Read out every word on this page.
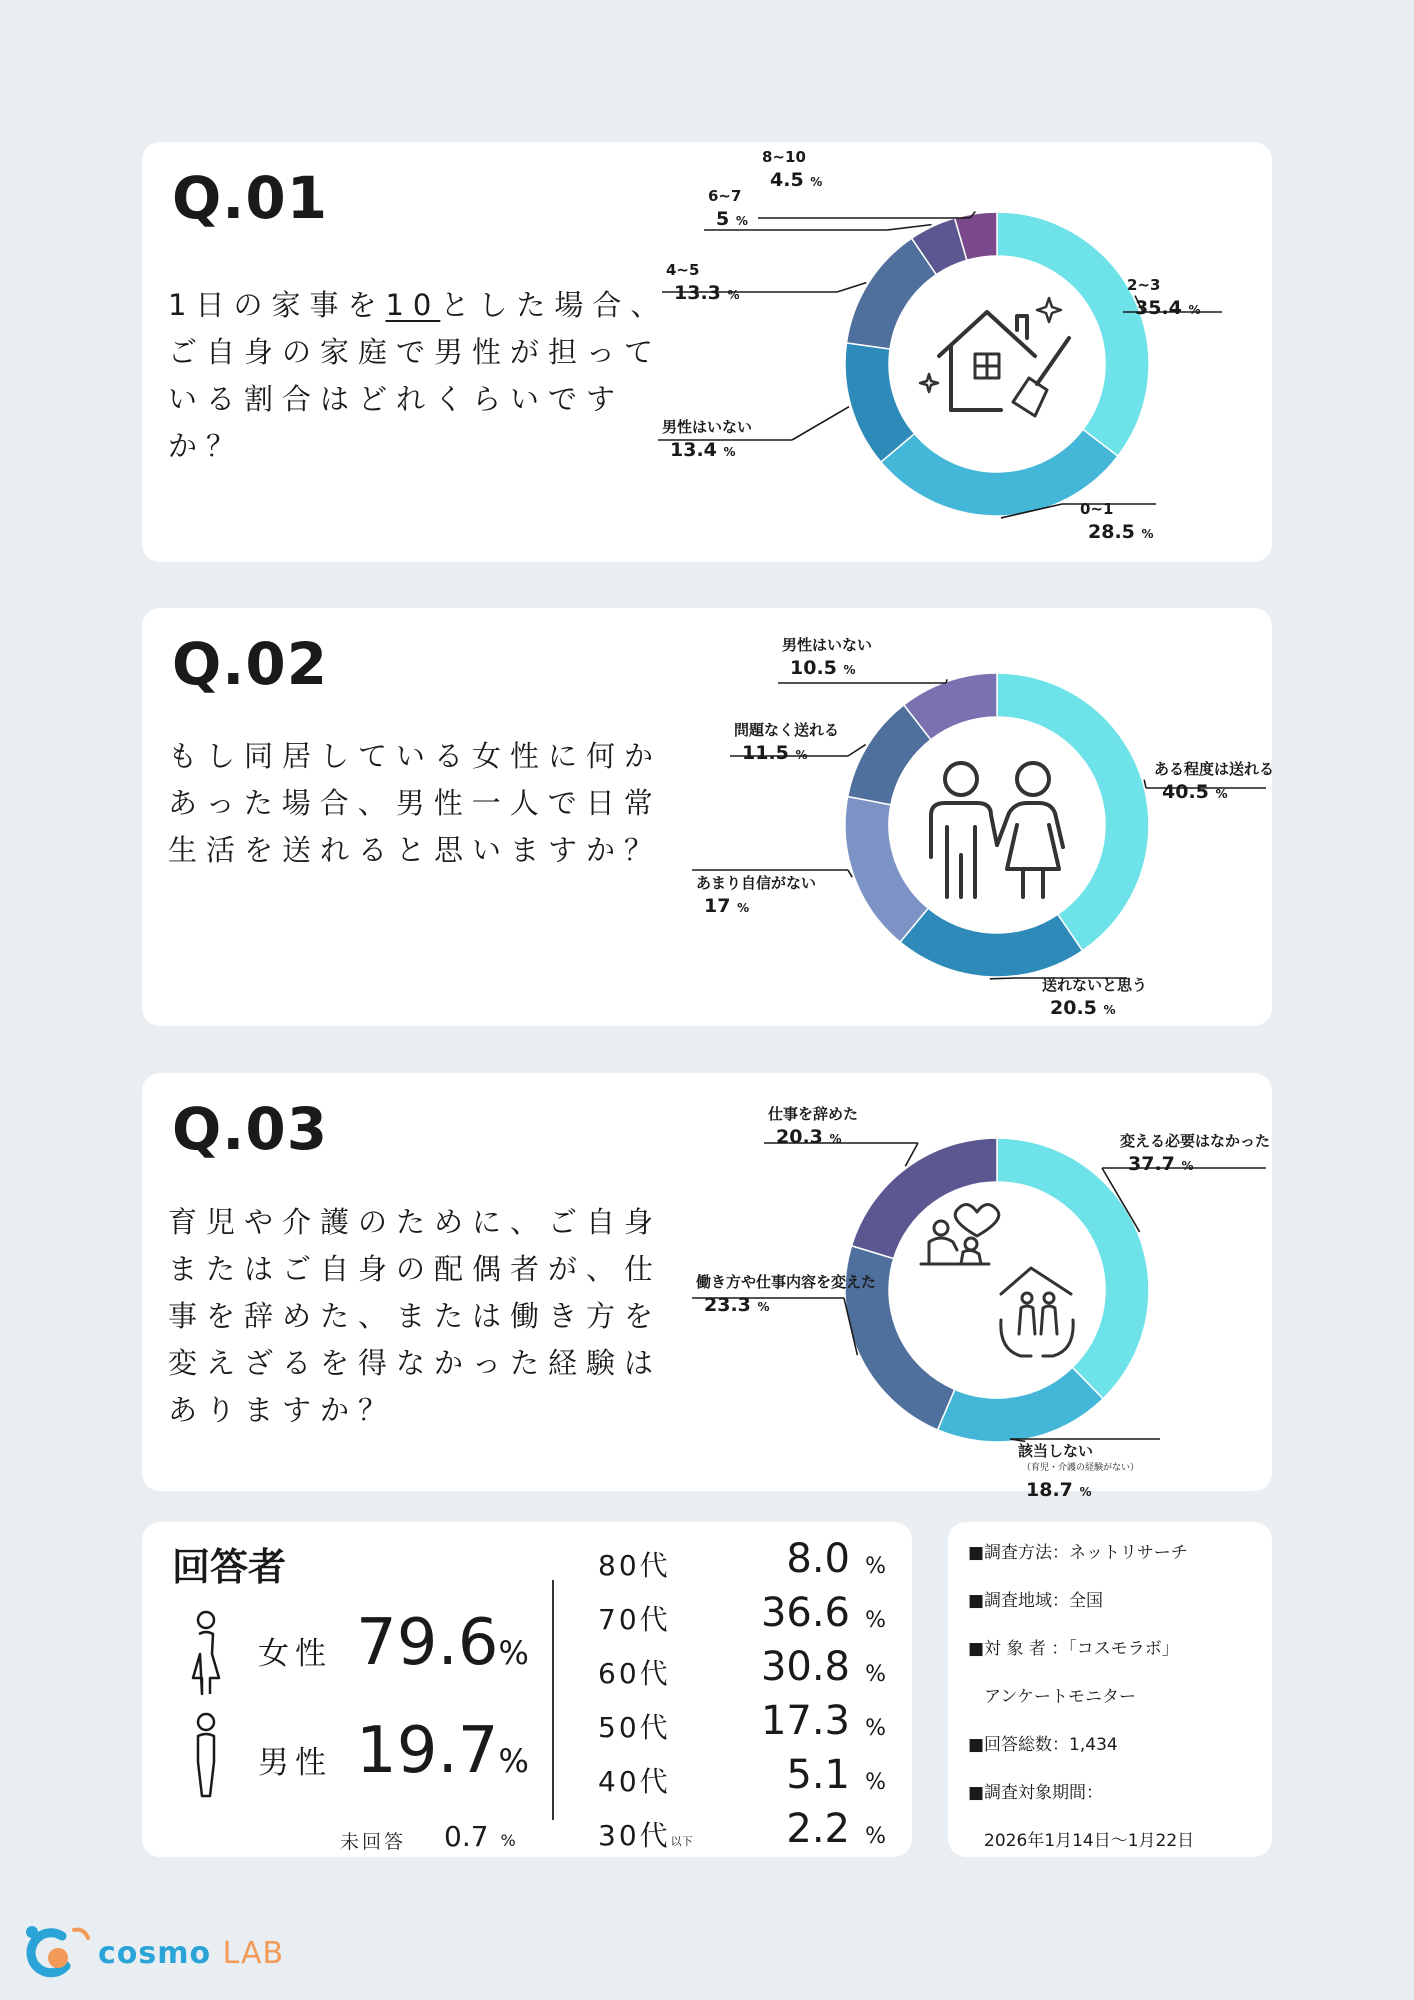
Q.01
1日の家事を10とした場合、ご自身の家庭で男性が担っている割合はどれくらいですか？
2~3
35.4 %
0~1
28.5 %
男性はいない
13.4 %
4~5
13.3 %
6~7
5 %
8~10
4.5 %
Q.02
もし同居している女性に何かあった場合、男性一人で日常生活を送れると思いますか？
ある程度は送れる
40.5 %
送れないと思う
20.5 %
あまり自信がない
17 %
問題なく送れる
11.5 %
男性はいない
10.5 %
Q.03
育児や介護のために、ご自身またはご自身の配偶者が、仕事を辞めた、または働き方を変えざるを得なかった経験はありますか？
変える必要はなかった
37.7 %
該当しない
（育児・介護の経験がない）
18.7 %
働き方や仕事内容を変えた
23.3 %
仕事を辞めた
20.3 %
回答者
女性 79.6%
男性 19.7%
未回答 0.7 %
80代	8.0 %
70代 36.6 %
60代 30.8 %
50代 17.3 %
40代	5.1 %
30代以下 2.2 %
■調査方法：ネットリサーチ
■調査地域：全国
■対 象 者 ：「コスモラボ」
アンケートモニター
■回答総数：1,434
■調査対象期間：
2026年1月14日〜1月22日
cosmo LAB
